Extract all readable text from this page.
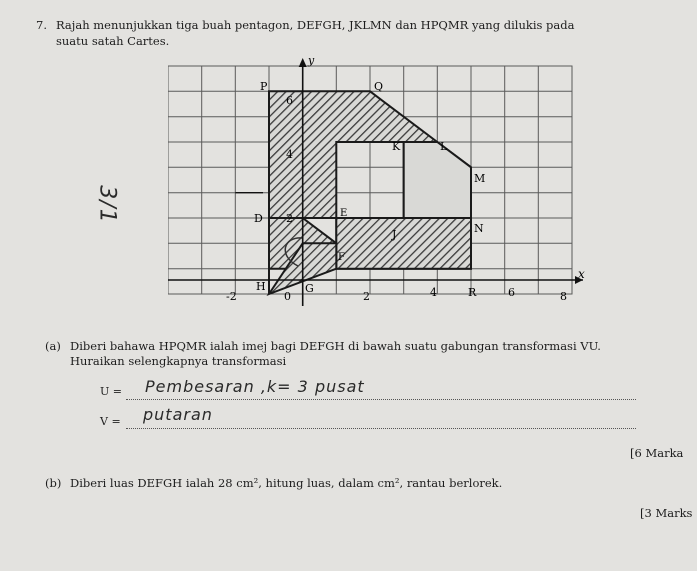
7. Rajah menunjukkan tiga buah pentagon, DEFGH, JKLMN dan HPQMR yang dilukis pada
suatu satah Cartes.
3/1
y
x
-2	0	2	4	6	8
6
4
2
P	Q
K	L
M
N
J
R
D	E
F
G
H
(a) Diberi bahawa HPQMR ialah imej bagi DEFGH di bawah suatu gabungan transformasi VU.
Huraikan selengkapnya transformasi
U = Pembesaran ,k= 3 pusat
V = putaran
[6 Marka
(b) Diberi luas DEFGH ialah 28 cm², hitung luas, dalam cm², rantau berlorek.
[3 Marks
